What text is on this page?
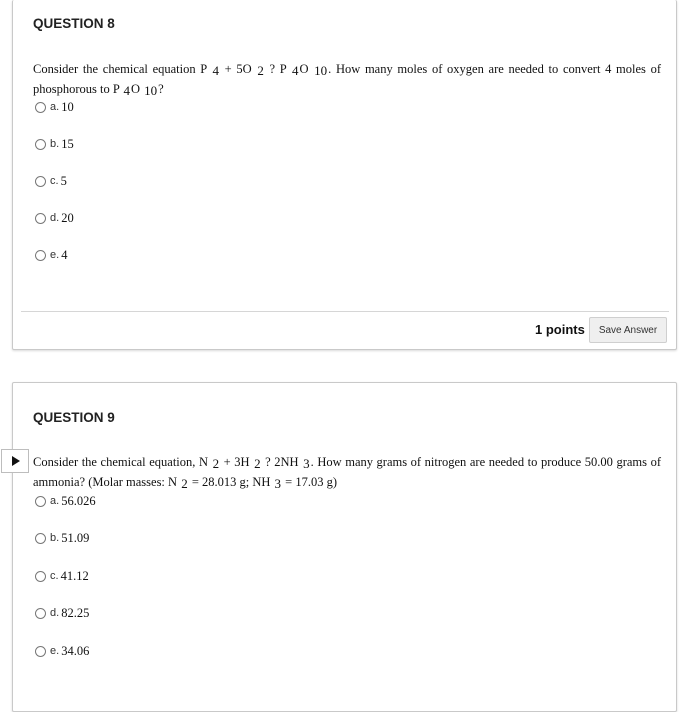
QUESTION 8
Consider the chemical equation P $_4$ + 5O $_2$ ? P $_4$O $_{10}$. How many moles of oxygen are needed to convert 4 moles of phosphorous to P $_4$O $_{10}$?
a. 10
b. 15
c. 5
d. 20
e. 4
1 points	Save Answer
QUESTION 9
Consider the chemical equation, N $_2$ + 3H $_2$ ? 2NH $_3$. How many grams of nitrogen are needed to produce 50.00 grams of ammonia? (Molar masses: N $_2$ = 28.013 g; NH $_3$ = 17.03 g)
a. 56.026
b. 51.09
c. 41.12
d. 82.25
e. 34.06
